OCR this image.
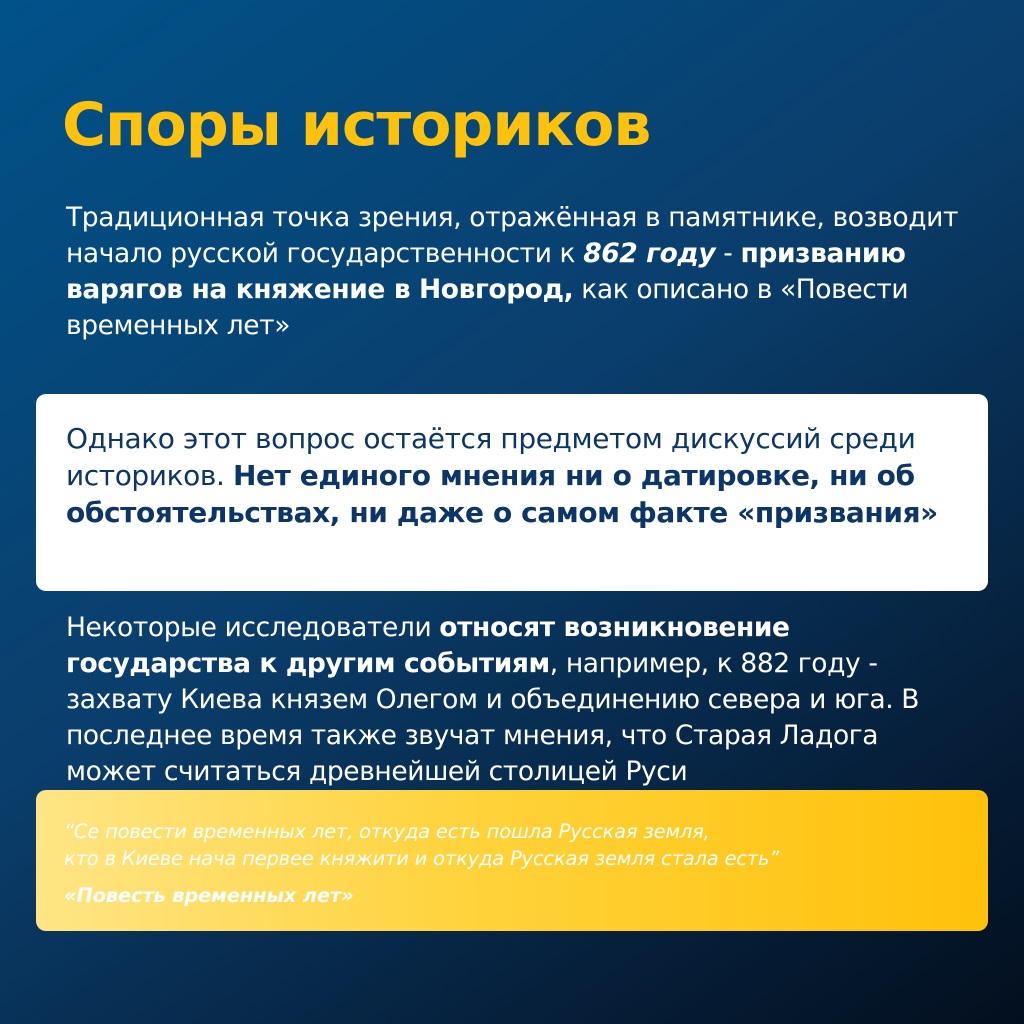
Споры историков

Традиционная точка зрения, отражённая в памятнике, возводит начало русской государственности к 862 году - призванию варягов на княжение в Новгород, как описано в «Повести временных лет»

Однако этот вопрос остаётся предметом дискуссий среди историков. Нет единого мнения ни о датировке, ни об обстоятельствах, ни даже о самом факте «призвания»

Некоторые исследователи относят возникновение государства к другим событиям, например, к 882 году - захвату Киева князем Олегом и объединению севера и юга. В последнее время также звучат мнения, что Старая Ладога может считаться древнейшей столицей Руси

“Се повести временных лет, откуда есть пошла Русская земля,
кто в Киеве нача первее княжити и откуда Русская земля стала есть”

«Повесть временных лет»
